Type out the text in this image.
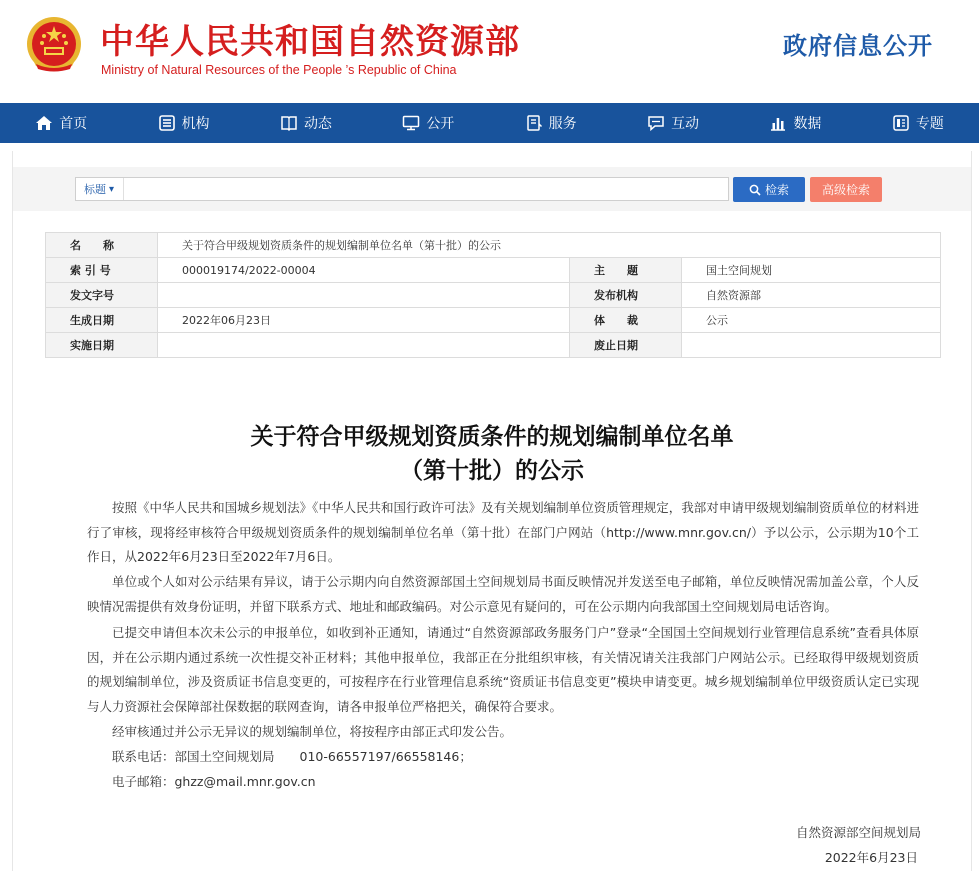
中华人民共和国自然资源部
Ministry of Natural Resources of the People ’s Republic of China
政府信息公开
首页	机构	动态	公开	服务	互动	数据	专题
标题 ▾	检索	高级检索
名　　称	关于符合甲级规划资质条件的规划编制单位名单（第十批）的公示		
索 引 号	000019174/2022-00004	主　　题	国土空间规划
发文字号		发布机构	自然资源部
生成日期	2022年06月23日	体　　裁	公示
实施日期		废止日期	
关于符合甲级规划资质条件的规划编制单位名单
（第十批）的公示
按照《中华人民共和国城乡规划法》《中华人民共和国行政许可法》及有关规划编制单位资质管理规定，我部对申请甲级规划编制资质单位的材料进行了审核，现将经审核符合甲级规划资质条件的规划编制单位名单（第十批）在部门户网站（http://www.mnr.gov.cn/）予以公示，公示期为10个工作日，从2022年6月23日至2022年7月6日。
单位或个人如对公示结果有异议，请于公示期内向自然资源部国土空间规划局书面反映情况并发送至电子邮箱，单位反映情况需加盖公章，个人反映情况需提供有效身份证明，并留下联系方式、地址和邮政编码。对公示意见有疑问的，可在公示期内向我部国土空间规划局电话咨询。
已提交申请但本次未公示的申报单位，如收到补正通知，请通过“自然资源部政务服务门户”登录“全国国土空间规划行业管理信息系统”查看具体原因，并在公示期内通过系统一次性提交补正材料；其他申报单位，我部正在分批组织审核，有关情况请关注我部门户网站公示。已经取得甲级规划资质的规划编制单位，涉及资质证书信息变更的，可按程序在行业管理信息系统“资质证书信息变更”模块申请变更。城乡规划编制单位甲级资质认定已实现与人力资源社会保障部社保数据的联网查询，请各申报单位严格把关，确保符合要求。
经审核通过并公示无异议的规划编制单位，将按程序由部正式印发公告。
联系电话：部国土空间规划局　　010-66557197/66558146；
电子邮箱：ghzz@mail.mnr.gov.cn
自然资源部空间规划局
2022年6月23日
